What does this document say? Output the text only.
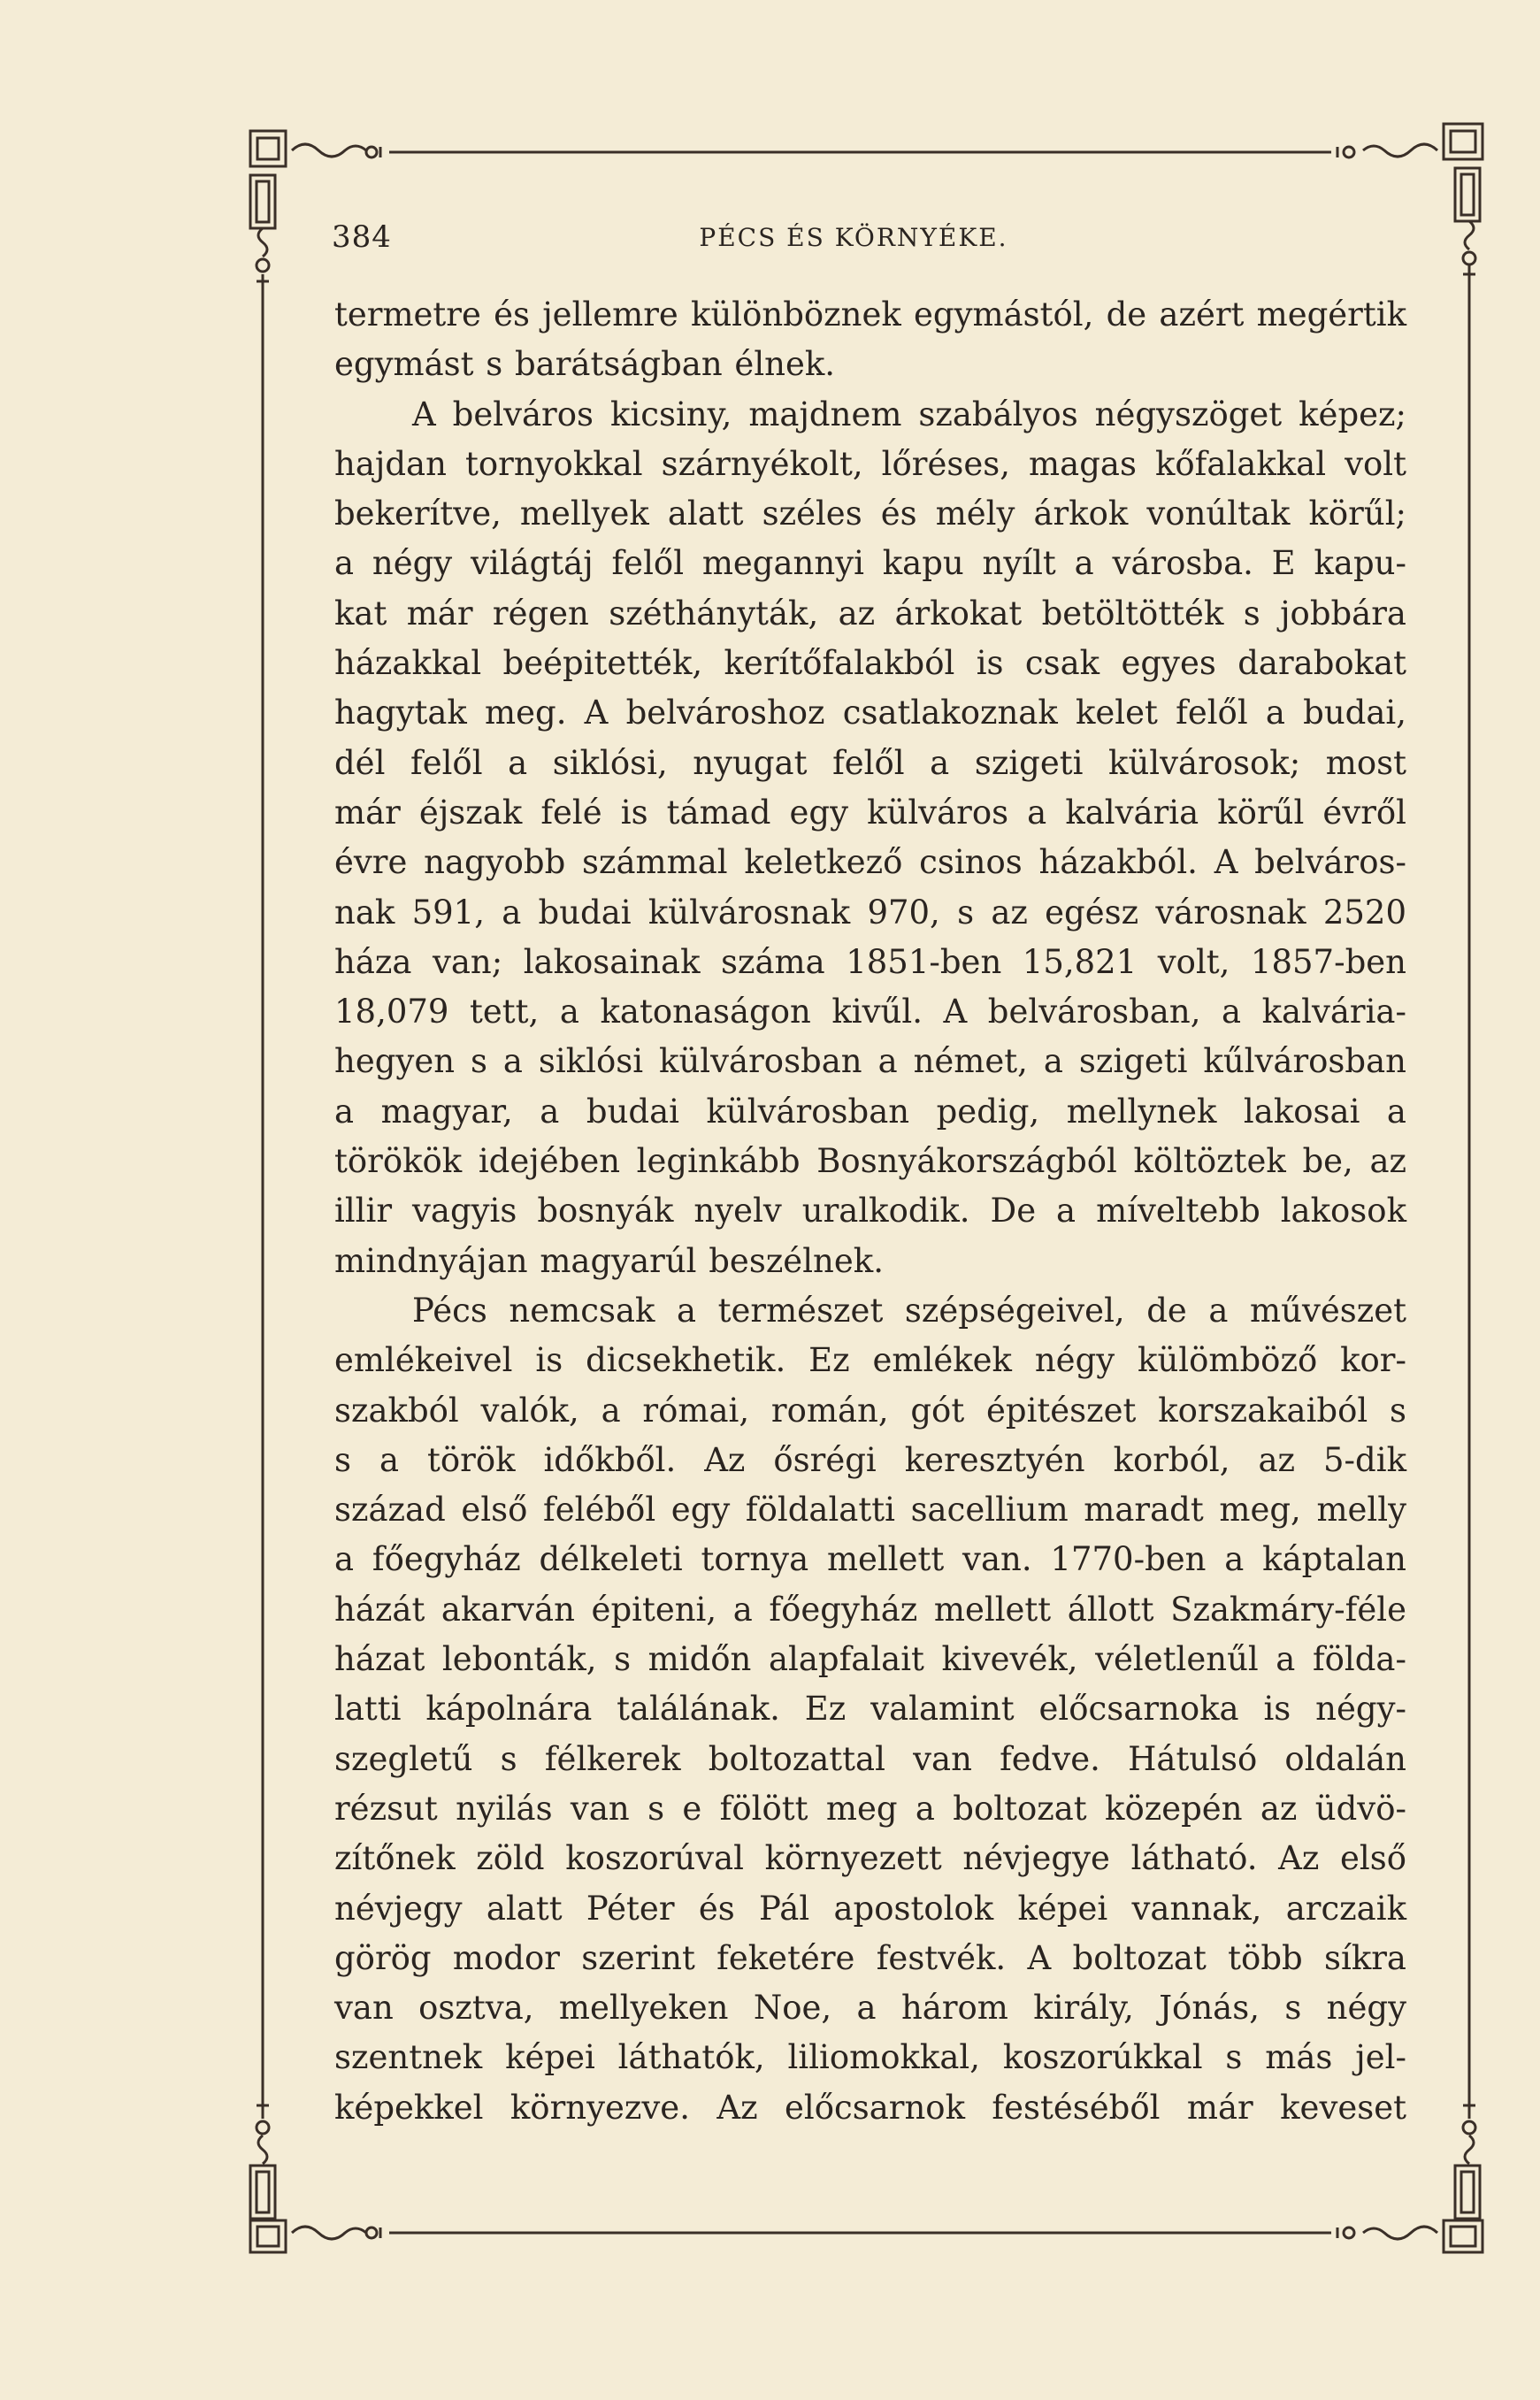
384	PÉCS ÉS KÖRNYÉKE.
termetre és jellemre különböznek egymástól, de azért megértik
egymást s barátságban élnek.
A belváros kicsiny, majdnem szabályos négyszöget képez;
hajdan tornyokkal szárnyékolt, lőréses, magas kőfalakkal volt
bekerítve, mellyek alatt széles és mély árkok vonúltak körűl;
a négy világtáj felől megannyi kapu nyílt a városba. E kapu-
kat már régen széthányták, az árkokat betöltötték s jobbára
házakkal beépitették, kerítőfalakból is csak egyes darabokat
hagytak meg. A belvároshoz csatlakoznak kelet felől a budai,
dél felől a siklósi, nyugat felől a szigeti külvárosok; most
már éjszak felé is támad egy külváros a kalvária körűl évről
évre nagyobb számmal keletkező csinos házakból. A belváros-
nak 591, a budai külvárosnak 970, s az egész városnak 2520
háza van; lakosainak száma 1851-ben 15,821 volt, 1857-ben
18,079 tett, a katonaságon kivűl. A belvárosban, a kalvária-
hegyen s a siklósi külvárosban a német, a szigeti kűlvárosban
a magyar, a budai külvárosban pedig, mellynek lakosai a
törökök idejében leginkább Bosnyákországból költöztek be, az
illir vagyis bosnyák nyelv uralkodik. De a míveltebb lakosok
mindnyájan magyarúl beszélnek.
Pécs nemcsak a természet szépségeivel, de a művészet
emlékeivel is dicsekhetik. Ez emlékek négy külömböző kor-
szakból valók, a római, román, gót épitészet korszakaiból s
s a török időkből. Az ősrégi keresztyén korból, az 5-dik
század első feléből egy földalatti sacellium maradt meg, melly
a főegyház délkeleti tornya mellett van. 1770-ben a káptalan
házát akarván épiteni, a főegyház mellett állott Szakmáry-féle
házat lebonták, s midőn alapfalait kivevék, véletlenűl a földa-
latti kápolnára találának. Ez valamint előcsarnoka is négy-
szegletű s félkerek boltozattal van fedve. Hátulsó oldalán
rézsut nyilás van s e fölött meg a boltozat közepén az üdvö-
zítőnek zöld koszorúval környezett névjegye látható. Az első
névjegy alatt Péter és Pál apostolok képei vannak, arczaik
görög modor szerint feketére festvék. A boltozat több síkra
van osztva, mellyeken Noe, a három király, Jónás, s négy
szentnek képei láthatók, liliomokkal, koszorúkkal s más jel-
képekkel környezve. Az előcsarnok festéséből már keveset
